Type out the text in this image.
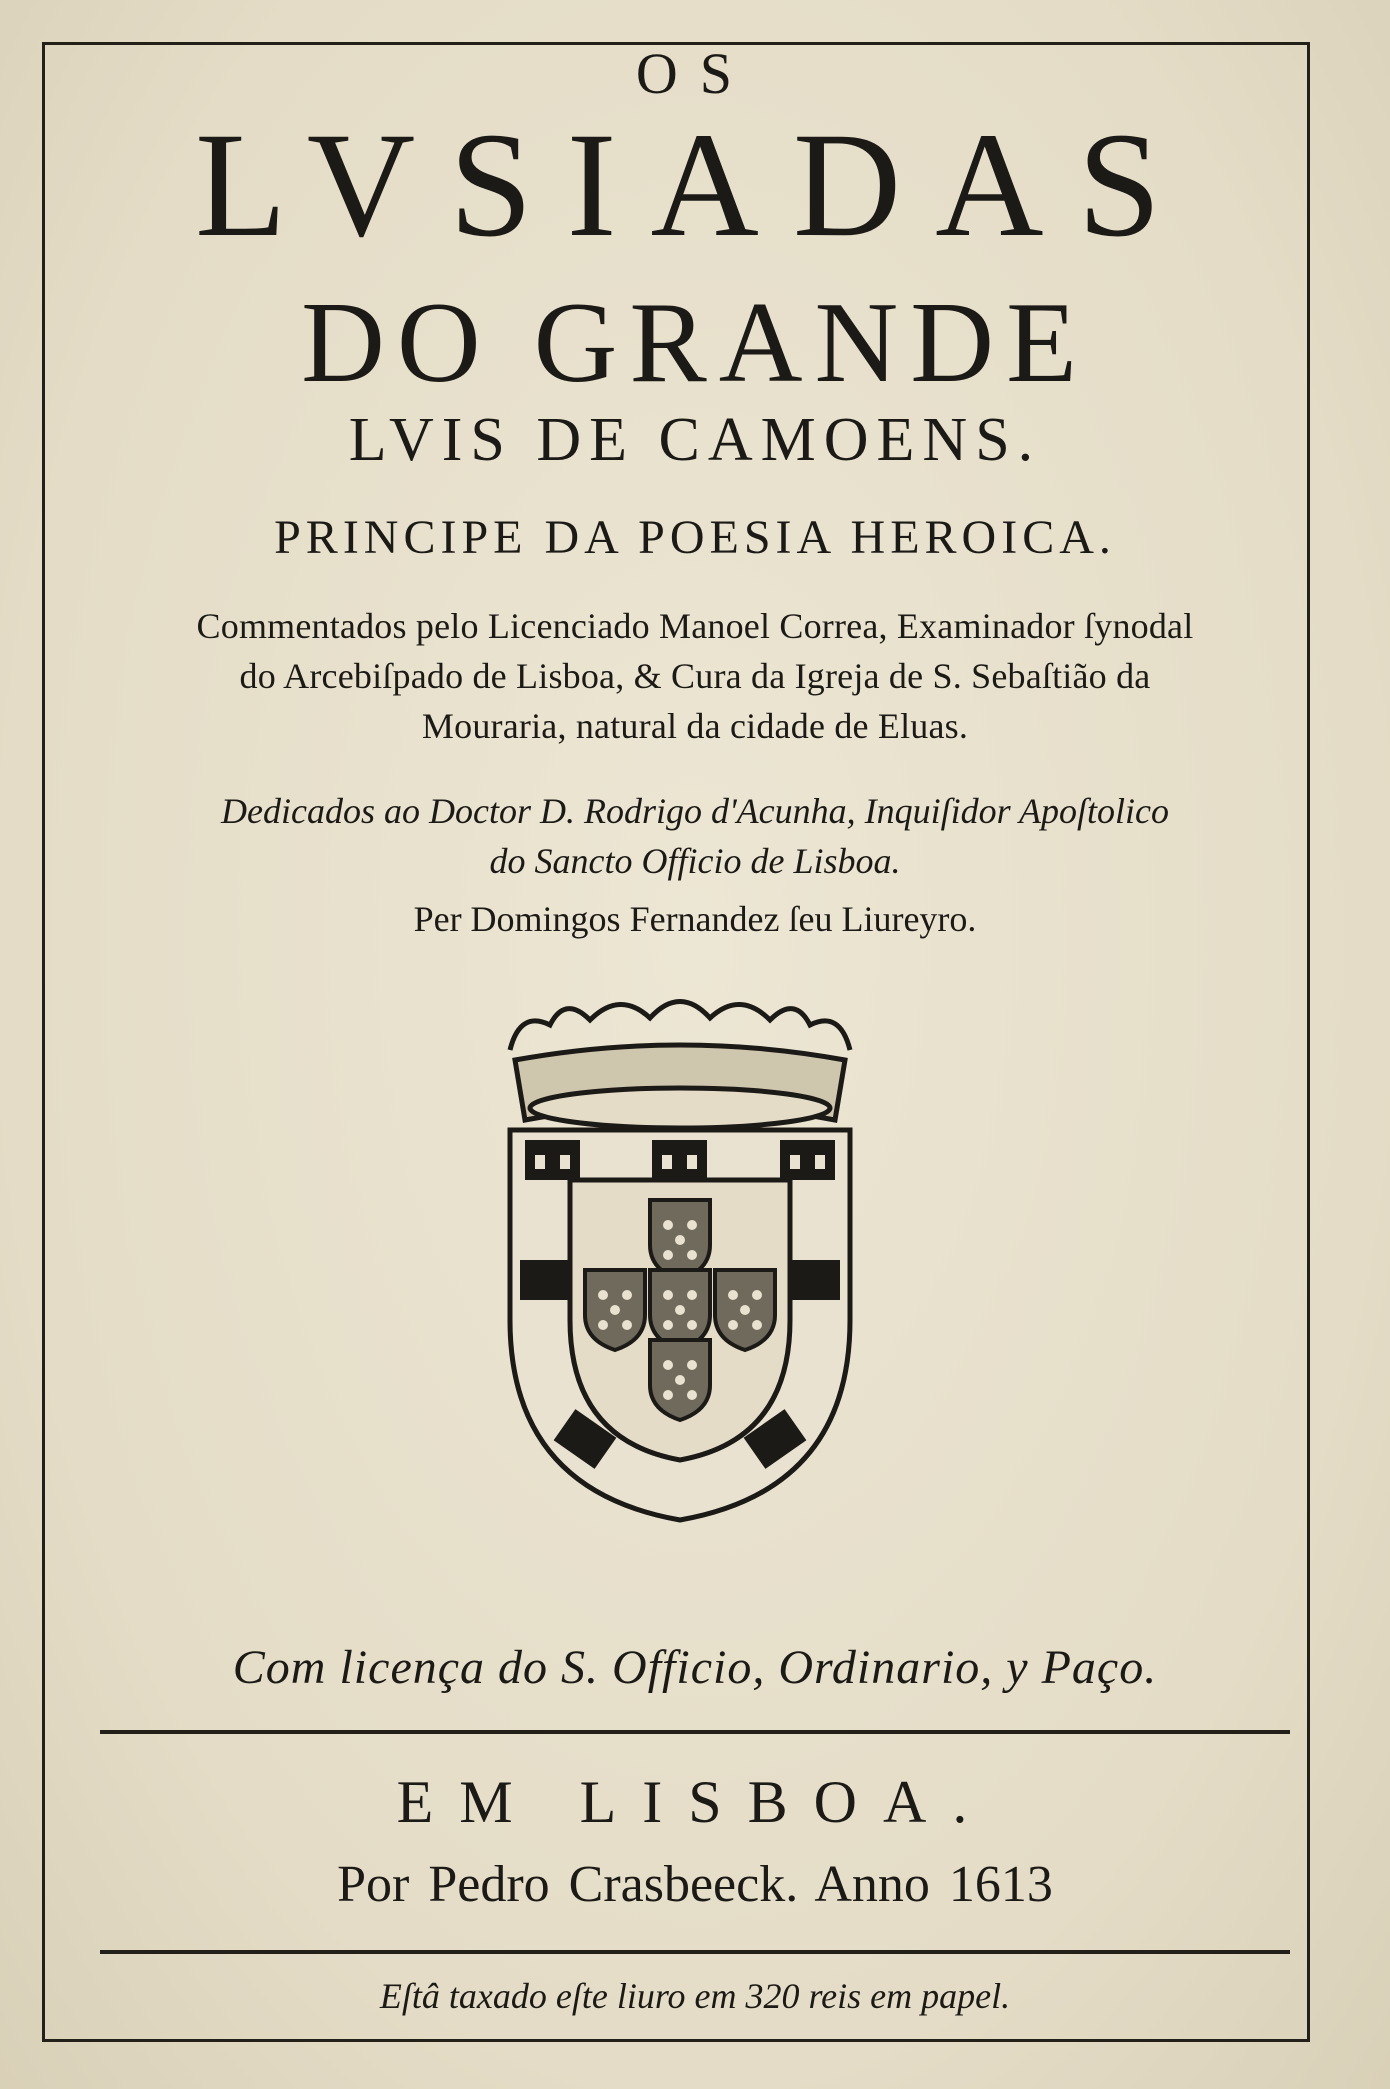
OS
LVSIADAS
DO GRANDE
LVIS DE CAMOENS.
PRINCIPE DA POESIA HEROICA.
Commentados pelo Licenciado Manoel Correa, Examinador ſynodal
do Arcebiſpado de Lisboa, & Cura da Igreja de S. Sebaſtião da
Mouraria, natural da cidade de Eluas.
Dedicados ao Doctor D. Rodrigo d'Acunha, Inquiſidor Apoſtolico
do Sancto Officio de Lisboa.
Per Domingos Fernandez ſeu Liureyro.
Com licença do S. Officio, Ordinario, y Paço.
EM LISBOA.
Por Pedro Crasbeeck. Anno 1613
Eſtâ taxado eſte liuro em 320 reis em papel.
